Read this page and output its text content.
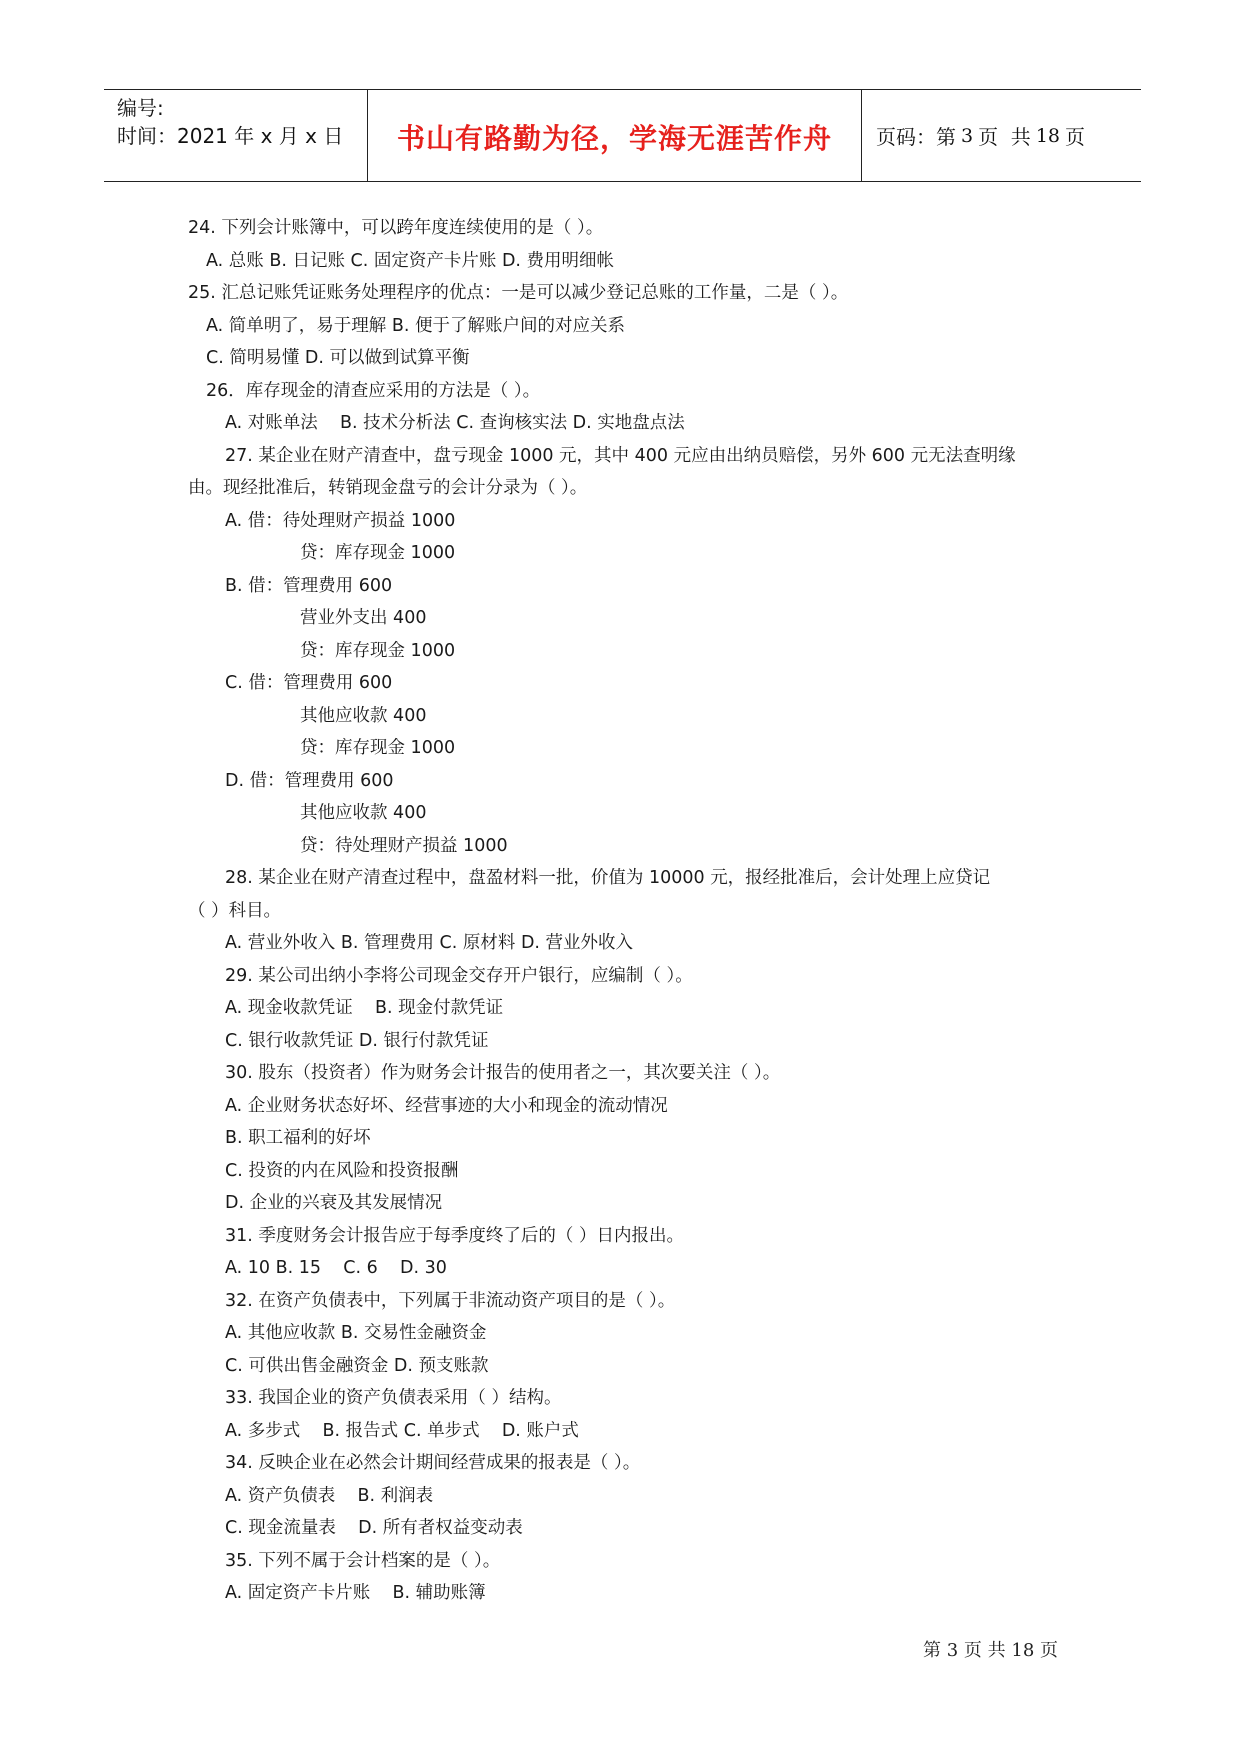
编号:
时间：2021 年 x 月 x 日	书山有路勤为径，学海无涯苦作舟 页码：第 3 页  共 18 页
24. 下列会计账簿中，可以跨年度连续使用的是（ ）。
A. 总账 B. 日记账 C. 固定资产卡片账 D. 费用明细帐
25. 汇总记账凭证账务处理程序的优点：一是可以减少登记总账的工作量，二是（ ）。
A. 简单明了，易于理解 B. 便于了解账户间的对应关系
C. 简明易懂 D. 可以做到试算平衡
26．库存现金的清查应采用的方法是（ ）。
A. 对账单法    B. 技术分析法 C. 查询核实法 D. 实地盘点法
27. 某企业在财产清查中，盘亏现金 1000 元，其中 400 元应由出纳员赔偿，另外 600 元无法查明缘
由。现经批准后，转销现金盘亏的会计分录为（ ）。
A. 借：待处理财产损益 1000
贷：库存现金 1000
B. 借：管理费用 600
营业外支出 400
贷：库存现金 1000
C. 借：管理费用 600
其他应收款 400
贷：库存现金 1000
D. 借：管理费用 600
其他应收款 400
贷：待处理财产损益 1000
28. 某企业在财产清查过程中，盘盈材料一批，价值为 10000 元，报经批准后，会计处理上应贷记
（ ）科目。
A. 营业外收入 B. 管理费用 C. 原材料 D. 营业外收入
29. 某公司出纳小李将公司现金交存开户银行，应编制（ ）。
A. 现金收款凭证    B. 现金付款凭证
C. 银行收款凭证 D. 银行付款凭证
30. 股东（投资者）作为财务会计报告的使用者之一，其次要关注（ ）。
A. 企业财务状态好坏、经营事迹的大小和现金的流动情况
B. 职工福利的好坏
C. 投资的内在风险和投资报酬
D. 企业的兴衰及其发展情况
31. 季度财务会计报告应于每季度终了后的（ ）日内报出。
A. 10 B. 15    C. 6    D. 30
32. 在资产负债表中，下列属于非流动资产项目的是（ ）。
A. 其他应收款 B. 交易性金融资金
C. 可供出售金融资金 D. 预支账款
33. 我国企业的资产负债表采用（ ）结构。
A. 多步式    B. 报告式 C. 单步式    D. 账户式
34. 反映企业在必然会计期间经营成果的报表是（ ）。
A. 资产负债表    B. 利润表
C. 现金流量表    D. 所有者权益变动表
35. 下列不属于会计档案的是（ ）。
A. 固定资产卡片账    B. 辅助账簿
第 3 页 共 18 页
